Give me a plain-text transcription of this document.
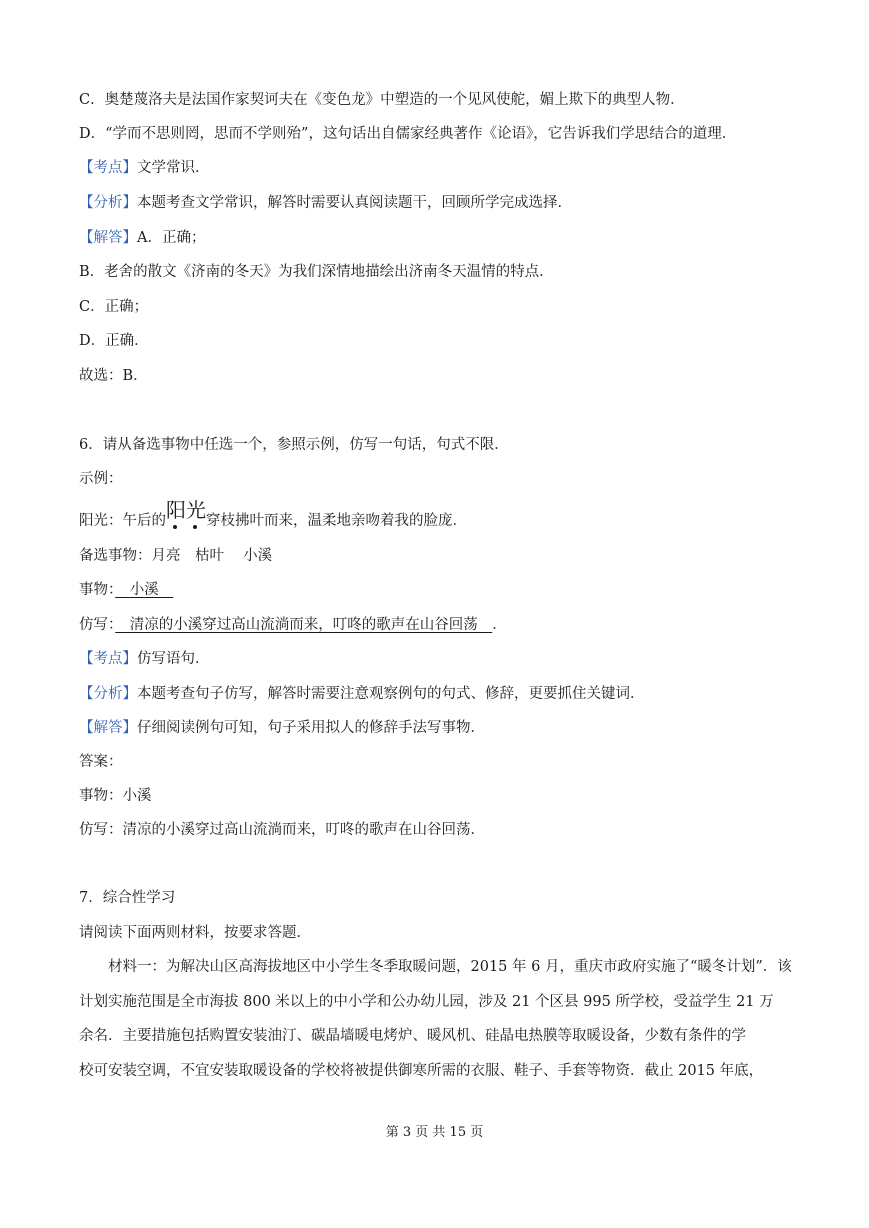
C．奥楚蔑洛夫是法国作家契诃夫在《变色龙》中塑造的一个见风使舵，媚上欺下的典型人物．
D．“学而不思则罔，思而不学则殆”，这句话出自儒家经典著作《论语》，它告诉我们学思结合的道理．
【考点】文学常识．
【分析】本题考查文学常识，解答时需要认真阅读题干，回顾所学完成选择．
【解答】A．正确；
B．老舍的散文《济南的冬天》为我们深情地描绘出济南冬天温情的特点．
C．正确；
D．正确．
故选：B．
6．请从备选事物中任选一个，参照示例，仿写一句话，句式不限．
示例：
阳光：午后的阳光
穿枝拂叶而来，温柔地亲吻着我的脸庞．
备选事物：月亮　枯叶　 小溪
事物：　小溪　
仿写：　清凉的小溪穿过高山流淌而来，叮咚的歌声在山谷回荡　．
【考点】仿写语句．
【分析】本题考查句子仿写，解答时需要注意观察例句的句式、修辞，更要抓住关键词．
【解答】仔细阅读例句可知，句子采用拟人的修辞手法写事物．
答案：
事物：小溪
仿写：清凉的小溪穿过高山流淌而来，叮咚的歌声在山谷回荡．
7．综合性学习
请阅读下面两则材料，按要求答题．
　　材料一：为解决山区高海拔地区中小学生冬季取暖问题，2015 年 6 月，重庆市政府实施了“暖冬计划”．该
计划实施范围是全市海拔 800 米以上的中小学和公办幼儿园，涉及 21 个区县 995 所学校，受益学生 21 万
余名．主要措施包括购置安装油汀、碳晶墙暖电烤炉、暖风机、硅晶电热膜等取暖设备，少数有条件的学
校可安装空调，不宜安装取暖设备的学校将被提供御寒所需的衣服、鞋子、手套等物资．截止 2015 年底，
第 3 页 共 15 页
